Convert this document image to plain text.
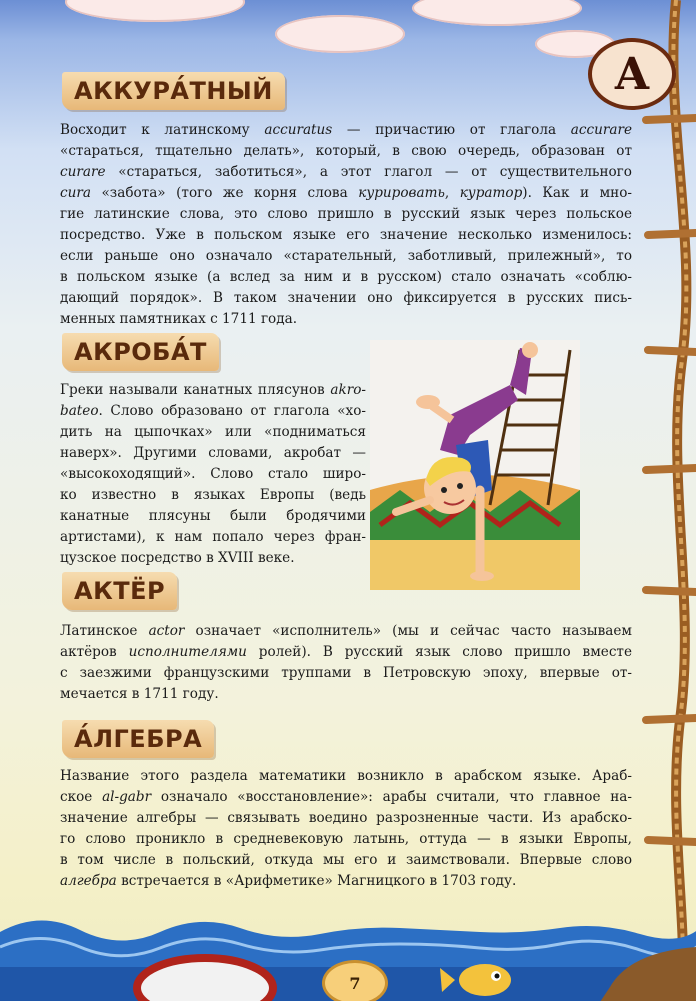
А
АККУРА́ТНЫЙ
Восходит к латинскому accuratus — причастию от глагола accurare
«стараться, тщательно делать», который, в свою очередь, образован от
curare «стараться, заботиться», а этот глагол — от существительного
cura «забота» (того же корня слова курировать, куратор). Как и мно-
гие латинские слова, это слово пришло в русский язык через польское
посредство. Уже в польском языке его значение несколько изменилось:
если раньше оно означало «старательный, заботливый, прилежный», то
в польском языке (а вслед за ним и в русском) стало означать «соблю-
дающий порядок». В таком значении оно фиксируется в русских пись-
менных памятниках с 1711 года.
АКРОБА́Т
Греки называли канатных плясунов akro-
bateo. Слово образовано от глагола «хо-
дить на цыпочках» или «подниматься
наверх». Другими словами, акробат —
«высокоходящий». Слово стало широ-
ко известно в языках Европы (ведь
канатные плясуны были бродячими
артистами), к нам попало через фран-
цузское посредство в XVIII веке.
АКТЁР
Латинское actor означает «исполнитель» (мы и сейчас часто называем
актёров исполнителями ролей). В русский язык слово пришло вместе
с заезжими французскими труппами в Петровскую эпоху, впервые от-
мечается в 1711 году.
А́ЛГЕБРА
Название этого раздела математики возникло в арабском языке. Араб-
ское al-gabr означало «восстановление»: арабы считали, что главное на-
значение алгебры — связывать воедино разрозненные части. Из арабско-
го слово проникло в средневековую латынь, оттуда — в языки Европы,
в том числе в польский, откуда мы его и заимствовали. Впервые слово
алгебра встречается в «Арифметике» Магницкого в 1703 году.
7
